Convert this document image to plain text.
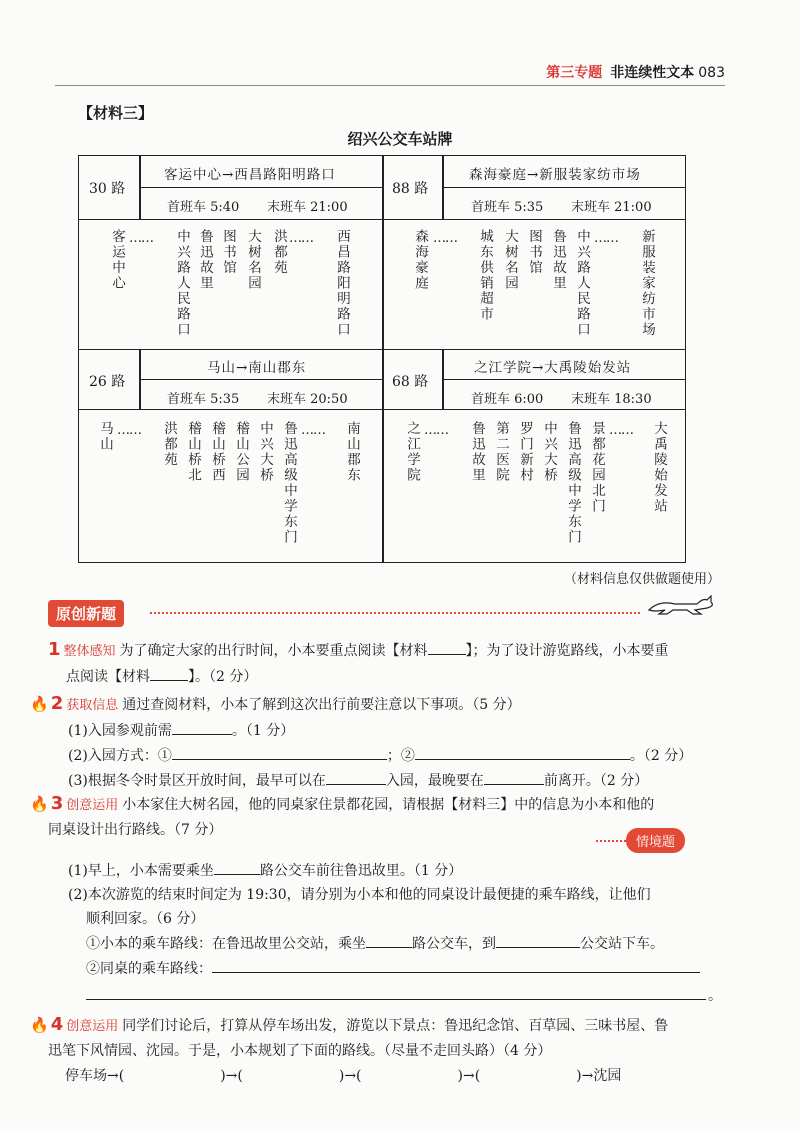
第三专题 非连续性文本 083
【材料三】
绍兴公交车站牌
30 路
客运中心→西昌路阳明路口
首班车 5:40 末班车 21:00
客运中心 …… 中兴路人民路口 鲁迅故里 图书馆 大树名园 洪都苑 …… 西昌路阳明路口
88 路
森海豪庭→新服装家纺市场
首班车 5:35 末班车 21:00
森海豪庭 …… 城东供销超市 大树名园 图书馆 鲁迅故里 中兴路人民路口 …… 新服装家纺市场
26 路
马山→南山郡东
首班车 5:35 末班车 20:50
马山 …… 洪都苑 稽山桥北 稽山桥西 稽山公园 中兴大桥 鲁迅高级中学东门 …… 南山郡东
68 路
之江学院→大禹陵始发站
首班车 6:00 末班车 18:30
之江学院 …… 鲁迅故里 第二医院 罗门新村 中兴大桥 鲁迅高级中学东门 景都花园北门 …… 大禹陵始发站
（材料信息仅供做题使用）
原创新题
1 整体感知 为了确定大家的出行时间，小本要重点阅读【材料	】；为了设计游览路线，小本要重
点阅读【材料	】。（2 分）
🔥 2 获取信息 通过查阅材料，小本了解到这次出行前要注意以下事项。（5 分）
(1)入园参观前需	。（1 分）
(2)入园方式：①	；②	。（2 分）
(3)根据冬令时景区开放时间，最早可以在	入园，最晚要在	前离开。（2 分）
🔥 3 创意运用 小本家住大树名园，他的同桌家住景都花园，请根据【材料三】中的信息为小本和他的
同桌设计出行路线。（7 分）
情境题
(1)早上，小本需要乘坐	路公交车前往鲁迅故里。（1 分）
(2)本次游览的结束时间定为 19:30，请分别为小本和他的同桌设计最便捷的乘车路线，让他们
顺利回家。（6 分）
①小本的乘车路线：在鲁迅故里公交站，乘坐	路公交车，到	公交站下车。
②同桌的乘车路线：
。
🔥 4 创意运用 同学们讨论后，打算从停车场出发，游览以下景点：鲁迅纪念馆、百草园、三味书屋、鲁
迅笔下风情园、沈园。于是，小本规划了下面的路线。（尽量不走回头路）（4 分）
停车场→(	)→(	)→(	)→(	)→沈园
